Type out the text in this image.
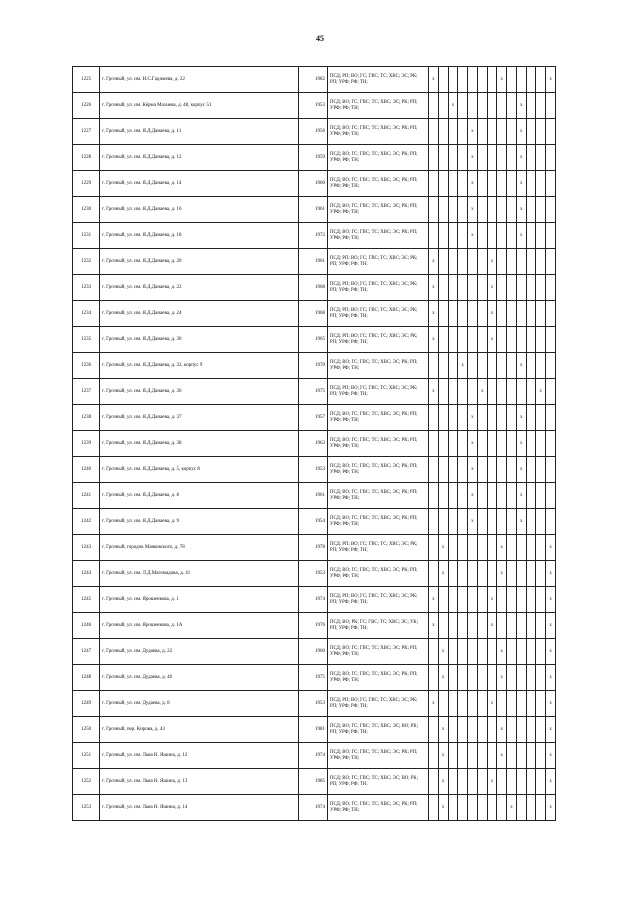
45
1225	г. Грозный, ул. им. Н.С.Гаджиева, д. 22	1982	ПСД; РП; ВО; ГС; ГВС; ТС; ХВС; ЭС; РК; РП; УРФ; РФ; ТН;	x							x					x
1226	г. Грозный, ул. им. Кёрма Махиева, д. 48, корпус 51	1953	ПСД; ВО; ГС; ГВС; ТС; ХВС; ЭС; РК; РП; УРФ; РФ; ТН;			x							x			
1227	г. Грозный, ул. им. Я.Д.Данаева, д. 11	1956	ПСД; ВО; ГС; ГВС; ТС; ХВС; ЭС; РК; РП; УРФ; РФ; ТН;					x					x			
1228	г. Грозный, ул. им. Я.Д.Данаева, д. 12	1959	ПСД; ВО; ГС; ГВС; ТС; ХВС; ЭС; РК; РП; УРФ; РФ; ТН;					x					x			
1229	г. Грозный, ул. им. Я.Д.Данаева, д. 14	1960	ПСД; ВО; ГС; ГВС; ТС; ХВС; ЭС; РК; РП; УРФ; РФ; ТН;					x					x			
1230	г. Грозный, ул. им. Я.Д.Данаева, д. 16	1961	ПСД; ВО; ГС; ГВС; ТС; ХВС; ЭС; РК; РП; УРФ; РФ; ТН;					x					x			
1231	г. Грозный, ул. им. Я.Д.Данаева, д. 18	1972	ПСД; ВО; ГС; ГВС; ТС; ХВС; ЭС; РК; РП; УРФ; РФ; ТН;					x					x			
1232	г. Грозный, ул. им. Я.Д.Данаева, д. 20	1961	ПСД; РП; ВО; ГС; ГВС; ТС; ХВС; ЭС; РК; РП; УРФ; РФ; ТН;	x						x						
1233	г. Грозный, ул. им. Я.Д.Данаева, д. 22	1968	ПСД; РП; ВО; ГС; ГВС; ТС; ХВС; ЭС; РК; РП; УРФ; РФ; ТН;	x						x						
1234	г. Грозный, ул. им. Я.Д.Данаева, д. 24	1968	ПСД; РП; ВО; ГС; ГВС; ТС; ХВС; ЭС; РК; РП; УРФ; РФ; ТН;	x						x						
1235	г. Грозный, ул. им. Я.Д.Данаева, д. 30	1965	ПСД; РП; ВО; ГС; ГВС; ТС; ХВС; ЭС; РК; РП; УРФ; РФ; ТН;	x						x						
1236	г. Грозный, ул. им. Я.Д.Данаева, д. 32, корпус 9	1970	ПСД; ВО; ГС; ГВС; ТС; ХВС; ЭС; РК; РП; УРФ; РФ; ТН;				x						x			
1237	г. Грозный, ул. им. Я.Д.Данаева, д. 36	1975	ПСД; РП; ВО; ГС; ГВС; ТС; ХВС; ЭС; РК; РП; УРФ; РФ; ТН;	x					x						x	
1238	г. Грозный, ул. им. Я.Д.Данаева, д. 37	1957	ПСД; ВО; ГС; ГВС; ТС; ХВС; ЭС; РК; РП; УРФ; РФ; ТН;					x					x			
1239	г. Грозный, ул. им. Я.Д.Данаева, д. 38	1963	ПСД; ВО; ГС; ГВС; ТС; ХВС; ЭС; РК; РП; УРФ; РФ; ТН;					x					x			
1240	г. Грозный, ул. им. Я.Д.Данаева, д. 5, корпус 8	1953	ПСД; ВО; ГС; ГВС; ТС; ХВС; ЭС; РК; РП; УРФ; РФ; ТН;					x					x			
1241	г. Грозный, ул. им. Я.Д.Данаева, д. 8	1961	ПСД; ВО; ГС; ГВС; ТС; ХВС; ЭС; РК; РП; УРФ; РФ; ТН;					x					x			
1242	г. Грозный, ул. им. Я.Д.Данаева, д. 9	1954	ПСД; ВО; ГС; ГВС; ТС; ХВС; ЭС; РК; РП; УРФ; РФ; ТН;					x					x			
1243	г. Грозный, городок Маяковского, д. 78	1978	ПСД; РП; ВО; ГС; ГВС; ТС; ХВС; ЭС; РК; РП; УРФ; РФ; ТН;		x						x					x
1244	г. Грозный, ул. им. Л.Д.Магомадова, д. 41	1953	ПСД; ВО; ГС; ГВС; ТС; ХВС; ЭС; РК; РП; УРФ; РФ; ТН;		x						x					x
1245	г. Грозный, ул. им. Ярошенкова, д. 1	1974	ПСД; РП; ВО; ГС; ГВС; ТС; ХВС; ЭС; РК; РП; УРФ; РФ; ТН;	x						x						x
1246	г. Грозный, ул. им. Ярошенкова, д. 1А	1976	ПСД; ВО; РК; ГС; ГВС; ТС; ХВС; ЭС; УК; РП; УРФ; РФ; ТН;	x						x						x
1247	г. Грозный, ул. им. Дудаева, д. 22	1960	ПСД; ВО; ГС; ГВС; ТС; ХВС; ЭС; РК; РП; УРФ; РФ; ТН;		x						x					x
1248	г. Грозный, ул. им. Дудаева, д. 46	1975	ПСД; ВО; ГС; ГВС; ТС; ХВС; ЭС; РК; РП; УРФ; РФ; ТН;		x						x					x
1249	г. Грозный, ул. им. Дудаева, д. 8	1953	ПСД; РП; ВО; ГС; ГВС; ТС; ХВС; ЭС; РК; РП; УРФ; РФ; ТН;	x						x						x
1250	г. Грозный, пер. Кирова, д. 43	1981	ПСД; ВО; ГС; ГВС; ТС; ХВС; ЭС; ВО; РК; РП; УРФ; РФ; ТН;		x						x					x
1251	г. Грозный, ул. им. Льва Н. Яшина, д. 12	1974	ПСД; ВО; ГС; ГВС; ТС; ХВС; ЭС; РК; РП; УРФ; РФ; ТН;		x						x					x
1252	г. Грозный, ул. им. Льва Н. Яшина, д. 13	1985	ПСД; ВО; ГС; ГВС; ТС; ХВС; ЭС; ВО; РК; РП; УРФ; РФ; ТН;		x					x						x
1253	г. Грозный, ул. им. Льва Н. Яшина, д. 14	1974	ПСД; ВО; ГС; ГВС; ТС; ХВС; ЭС; РК; РП; УРФ; РФ; ТН;		x							x				x
